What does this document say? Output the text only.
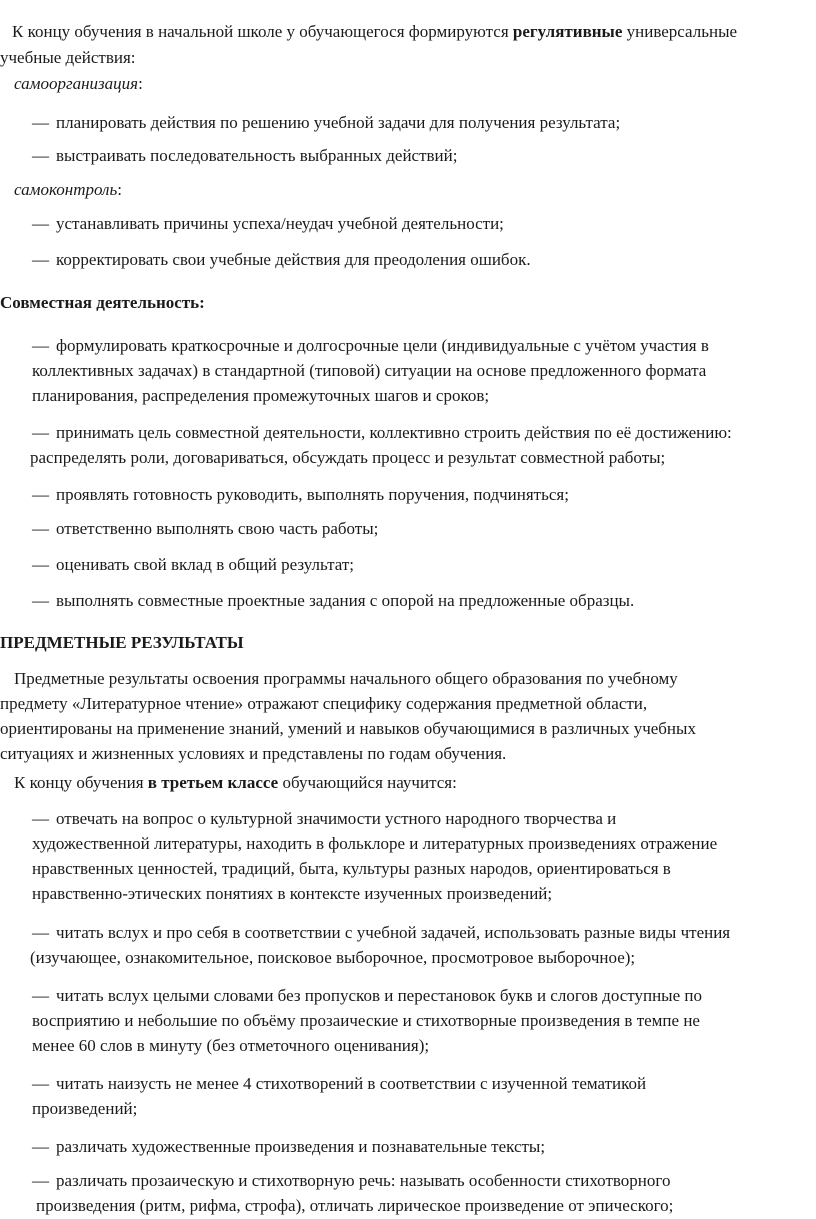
К концу обучения в начальной школе у обучающегося формируются регулятивные универсальные
учебные действия:
самоорганизация:
— планировать действия по решению учебной задачи для получения результата;
— выстраивать последовательность выбранных действий;
самоконтроль:
— устанавливать причины успеха/неудач учебной деятельности;
— корректировать свои учебные действия для преодоления ошибок.
Совместная деятельность:
— формулировать краткосрочные и долгосрочные цели (индивидуальные с учётом участия в
коллективных задачах) в стандартной (типовой) ситуации на основе предложенного формата
планирования, распределения промежуточных шагов и сроков;
— принимать цель совместной деятельности, коллективно строить действия по её достижению:
распределять роли, договариваться, обсуждать процесс и результат совместной работы;
— проявлять готовность руководить, выполнять поручения, подчиняться;
— ответственно выполнять свою часть работы;
— оценивать свой вклад в общий результат;
— выполнять совместные проектные задания с опорой на предложенные образцы.
ПРЕДМЕТНЫЕ РЕЗУЛЬТАТЫ
Предметные результаты освоения программы начального общего образования по учебному
предмету «Литературное чтение» отражают специфику содержания предметной области,
ориентированы на применение знаний, умений и навыков обучающимися в различных учебных
ситуациях и жизненных условиях и представлены по годам обучения.
К концу обучения в третьем классе обучающийся научится:
— отвечать на вопрос о культурной значимости устного народного творчества и
художественной литературы, находить в фольклоре и литературных произведениях отражение
нравственных ценностей, традиций, быта, культуры разных народов, ориентироваться в
нравственно-этических понятиях в контексте изученных произведений;
— читать вслух и про себя в соответствии с учебной задачей, использовать разные виды чтения
(изучающее, ознакомительное, поисковое выборочное, просмотровое выборочное);
— читать вслух целыми словами без пропусков и перестановок букв и слогов доступные по
восприятию и небольшие по объёму прозаические и стихотворные произведения в темпе не
менее 60 слов в минуту (без отметочного оценивания);
— читать наизусть не менее 4 стихотворений в соответствии с изученной тематикой
произведений;
— различать художественные произведения и познавательные тексты;
— различать прозаическую и стихотворную речь: называть особенности стихотворного
произведения (ритм, рифма, строфа), отличать лирическое произведение от эпического;
